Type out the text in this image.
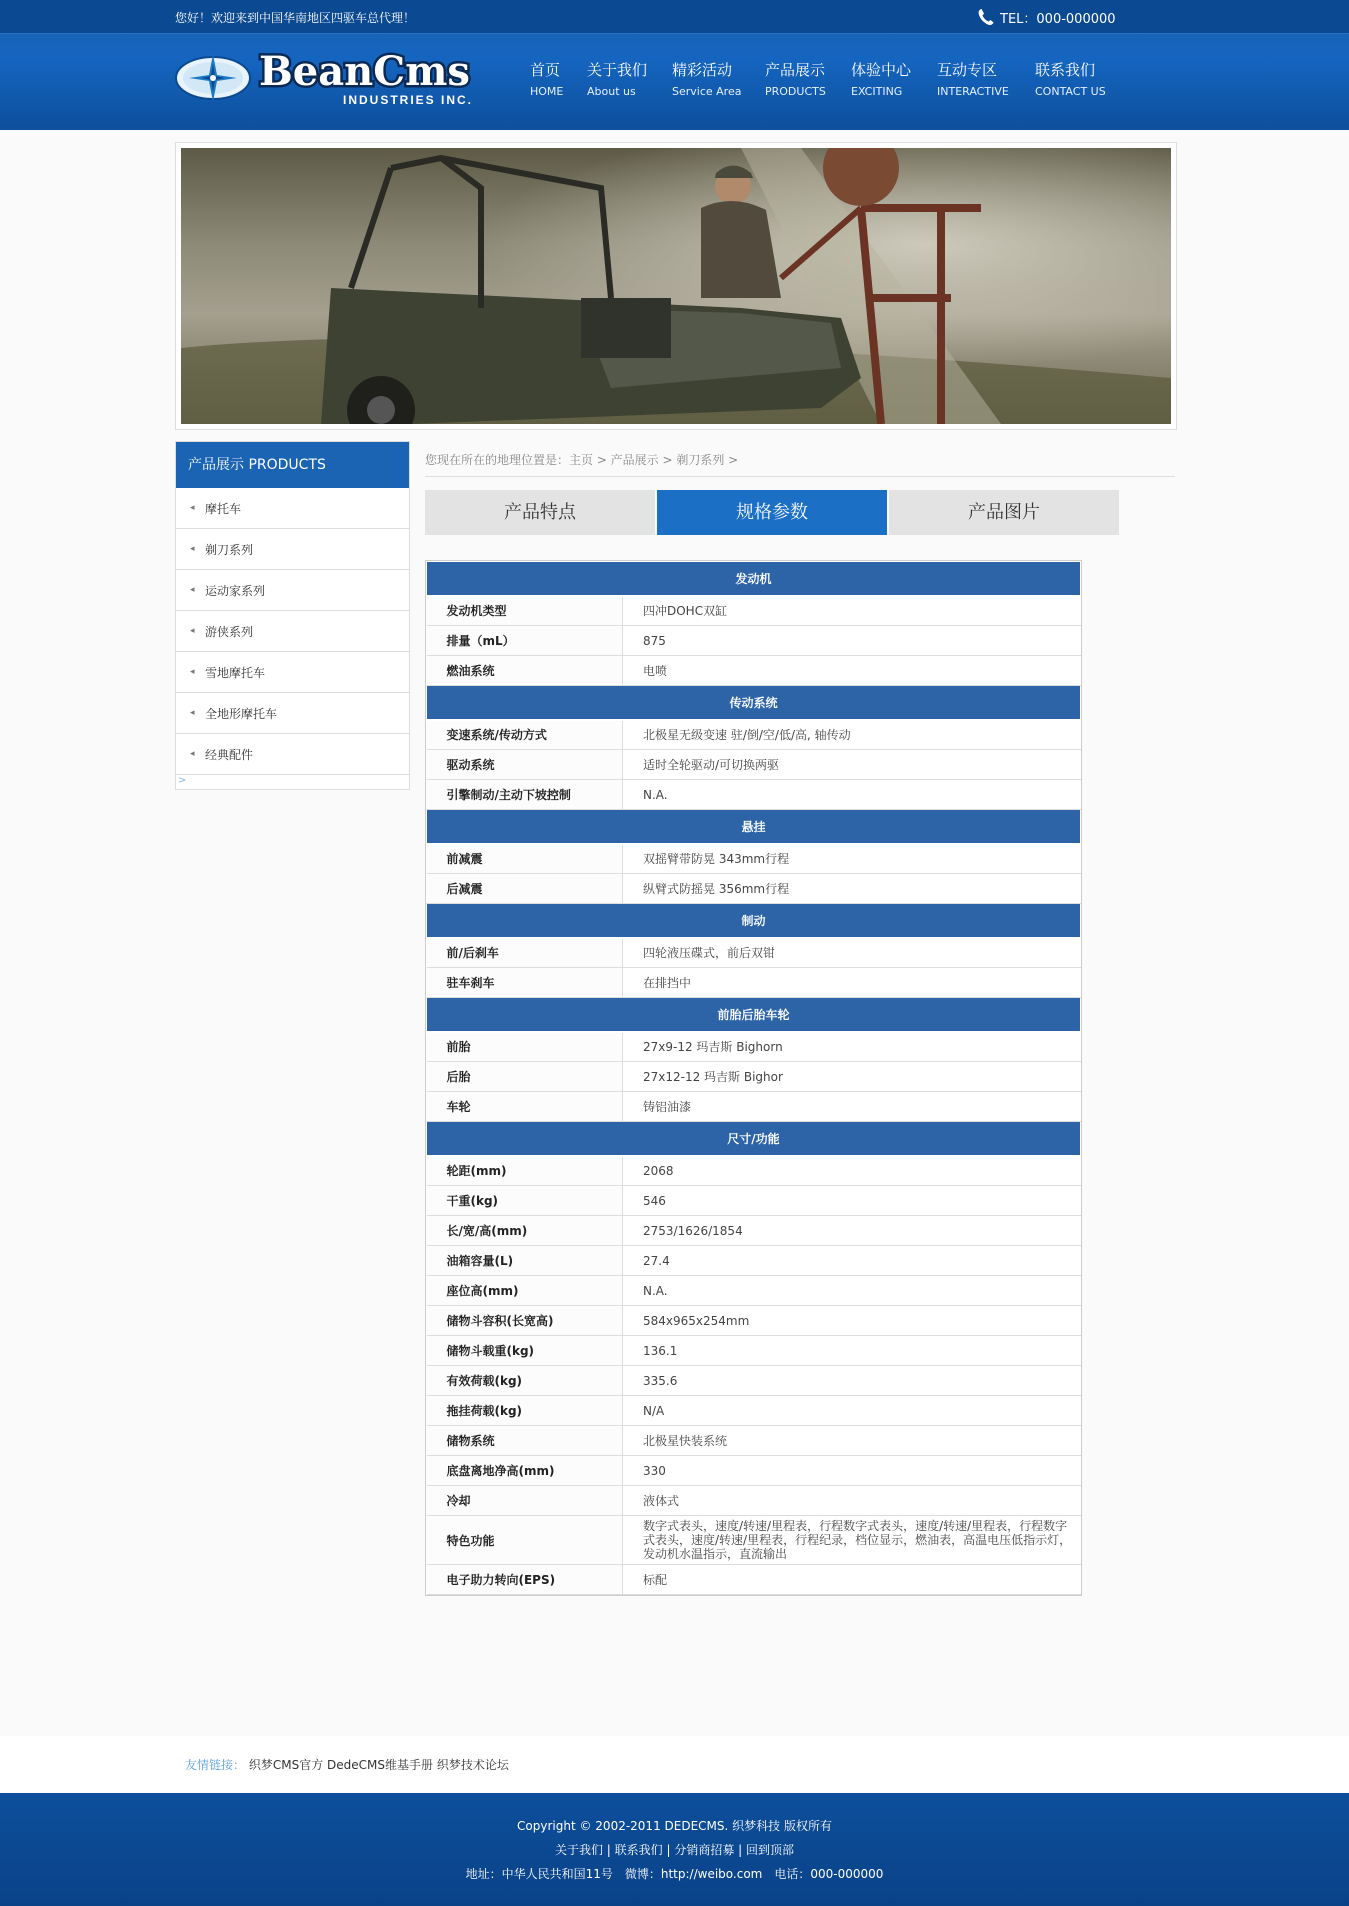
您好！欢迎来到中国华南地区四驱车总代理！	TEL：000-000000
BeanCms
INDUSTRIES INC.
首页
HOME
关于我们
About us
精彩活动
Service Area
产品展示
PRODUCTS
体验中心
EXCITING
互动专区
INTERACTIVE
联系我们
CONTACT US
产品展示 PRODUCTS
◂ 摩托车
◂ 剃刀系列
◂ 运动家系列
◂ 游侠系列
◂ 雪地摩托车
◂ 全地形摩托车
◂ 经典配件
>
您现在所在的地理位置是：主页 > 产品展示 > 剃刀系列 >
产品特点	规格参数	产品图片
发动机	
发动机类型	四冲DOHC双缸
排量（mL）	875
燃油系统	电喷
传动系统	
变速系统/传动方式	北极星无级变速 驻/倒/空/低/高, 轴传动
驱动系统	适时全轮驱动/可切换两驱
引擎制动/主动下坡控制	N.A.
悬挂	
前减震	双摇臂带防晃 343mm行程
后减震	纵臂式防摇晃 356mm行程
制动	
前/后刹车	四轮液压碟式，前后双钳
驻车刹车	在排挡中
前胎后胎车轮	
前胎	27x9-12 玛吉斯 Bighorn
后胎	27x12-12 玛吉斯 Bighor
车轮	铸铝油漆
尺寸/功能	
轮距(mm)	2068
干重(kg)	546
长/宽/高(mm)	2753/1626/1854
油箱容量(L)	27.4
座位高(mm)	N.A.
储物斗容积(长宽高)	584x965x254mm
储物斗载重(kg)	136.1
有效荷载(kg)	335.6
拖挂荷载(kg)	N/A
储物系统	北极星快装系统
底盘离地净高(mm)	330
冷却	液体式
特色功能	数字式表头，速度/转速/里程表，行程数字式表头，速度/转速/里程表，行程数字式表头，速度/转速/里程表，行程纪录，档位显示，燃油表，高温电压低指示灯，发动机水温指示，直流输出
电子助力转向(EPS)	标配
友情链接： 织梦CMS官方 DedeCMS维基手册 织梦技术论坛
Copyright © 2002-2011 DEDECMS. 织梦科技 版权所有
关于我们 | 联系我们 | 分销商招募 | 回到顶部
地址：中华人民共和国11号　微博：http://weibo.com　电话：000-000000
